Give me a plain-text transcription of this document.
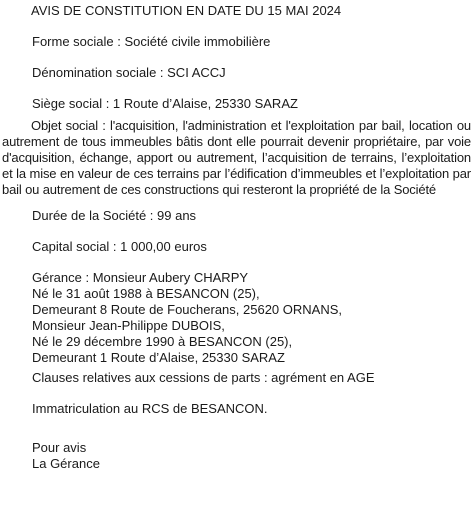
AVIS DE CONSTITUTION EN DATE DU 15 MAI 2024
Forme sociale : Société civile immobilière
Dénomination sociale : SCI ACCJ
Siège social : 1 Route d’Alaise, 25330 SARAZ
Objet social : l'acquisition, l'administration et l'exploitation par bail, location ou autrement de tous immeubles bâtis dont elle pourrait devenir propriétaire, par voie d'acquisition, échange, apport ou autrement, l’acquisition de terrains, l’exploitation et la mise en valeur de ces terrains par l’édification d’immeubles et l’exploitation par bail ou autrement de ces constructions qui resteront la propriété de la Société
Durée de la Société : 99 ans
Capital social : 1 000,00 euros
Gérance : Monsieur Aubery CHARPY
Né le 31 août 1988 à BESANCON (25),
Demeurant 8 Route de Foucherans, 25620 ORNANS,
Monsieur Jean-Philippe DUBOIS,
Né le 29 décembre 1990 à BESANCON (25),
Demeurant 1 Route d’Alaise, 25330 SARAZ
Clauses relatives aux cessions de parts : agrément en AGE
Immatriculation au RCS de BESANCON.
Pour avis
La Gérance
